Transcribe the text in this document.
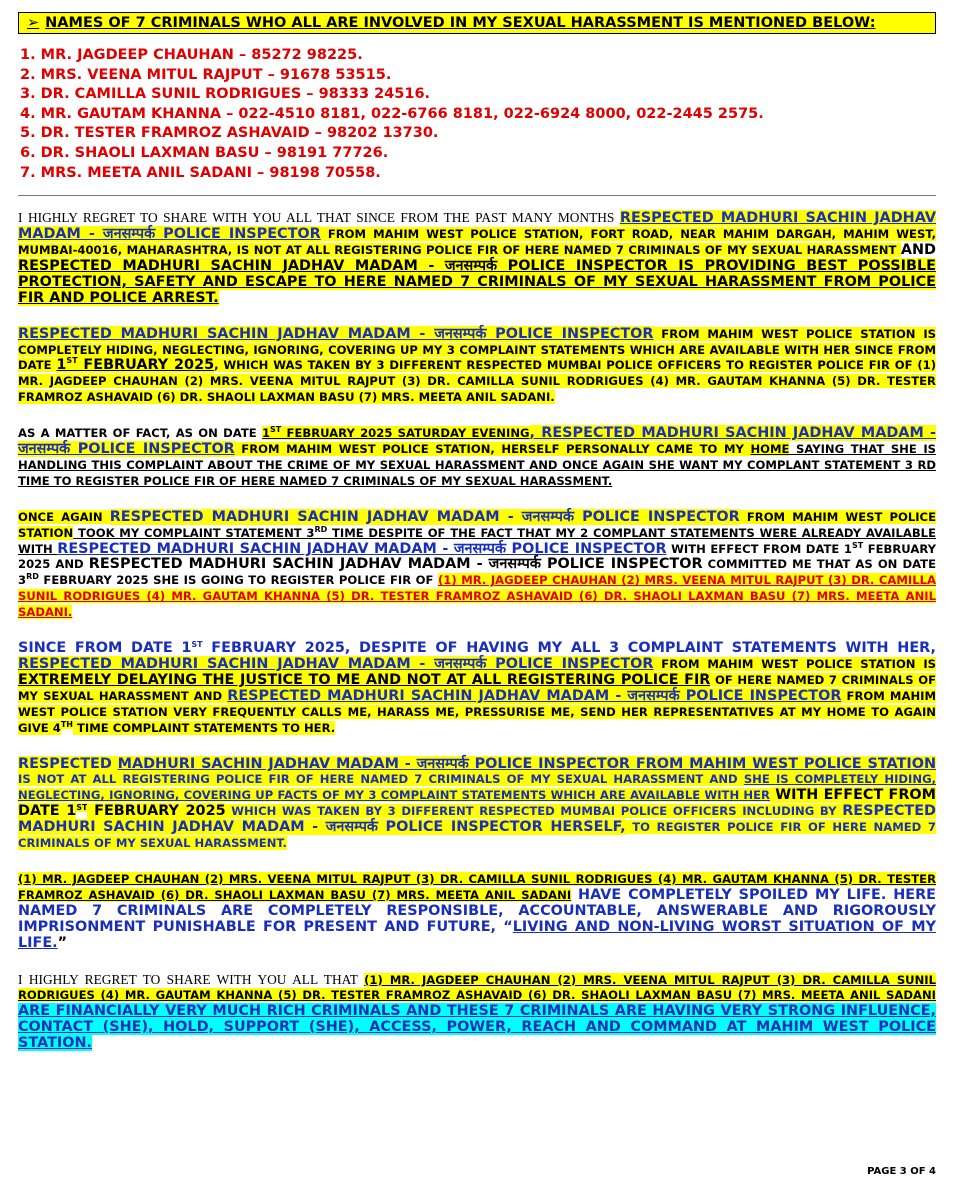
➢ NAMES OF 7 CRIMINALS WHO ALL ARE INVOLVED IN MY SEXUAL HARASSMENT IS MENTIONED BELOW:
1. MR. JAGDEEP CHAUHAN – 85272 98225.
2. MRS. VEENA MITUL RAJPUT – 91678 53515.
3. DR. CAMILLA SUNIL RODRIGUES – 98333 24516.
4. MR. GAUTAM KHANNA – 022-4510 8181, 022-6766 8181, 022-6924 8000, 022-2445 2575.
5. DR. TESTER FRAMROZ ASHAVAID – 98202 13730.
6. DR. SHAOLI LAXMAN BASU – 98191 77726.
7. MRS. MEETA ANIL SADANI – 98198 70558.

I HIGHLY REGRET TO SHARE WITH YOU ALL THAT SINCE FROM THE PAST MANY MONTHS RESPECTED MADHURI SACHIN JADHAV MADAM - जनसम्पर्क POLICE INSPECTOR FROM MAHIM WEST POLICE STATION, FORT ROAD, NEAR MAHIM DARGAH, MAHIM WEST, MUMBAI-40016, MAHARASHTRA, IS NOT AT ALL REGISTERING POLICE FIR OF HERE NAMED 7 CRIMINALS OF MY SEXUAL HARASSMENT AND RESPECTED MADHURI SACHIN JADHAV MADAM - जनसम्पर्क POLICE INSPECTOR IS PROVIDING BEST POSSIBLE PROTECTION, SAFETY AND ESCAPE TO HERE NAMED 7 CRIMINALS OF MY SEXUAL HARASSMENT FROM POLICE FIR AND POLICE ARREST.

RESPECTED MADHURI SACHIN JADHAV MADAM - जनसम्पर्क POLICE INSPECTOR FROM MAHIM WEST POLICE STATION IS COMPLETELY HIDING, NEGLECTING, IGNORING, COVERING UP MY 3 COMPLAINT STATEMENTS WHICH ARE AVAILABLE WITH HER SINCE FROM DATE 1ST FEBRUARY 2025, WHICH WAS TAKEN BY 3 DIFFERENT RESPECTED MUMBAI POLICE OFFICERS TO REGISTER POLICE FIR OF (1) MR. JAGDEEP CHAUHAN (2) MRS. VEENA MITUL RAJPUT (3) DR. CAMILLA SUNIL RODRIGUES (4) MR. GAUTAM KHANNA (5) DR. TESTER FRAMROZ ASHAVAID (6) DR. SHAOLI LAXMAN BASU (7) MRS. MEETA ANIL SADANI.

AS A MATTER OF FACT, AS ON DATE 1ST FEBRUARY 2025 SATURDAY EVENING, RESPECTED MADHURI SACHIN JADHAV MADAM - जनसम्पर्क POLICE INSPECTOR FROM MAHIM WEST POLICE STATION, HERSELF PERSONALLY CAME TO MY HOME SAYING THAT SHE IS HANDLING THIS COMPLAINT ABOUT THE CRIME OF MY SEXUAL HARASSMENT AND ONCE AGAIN SHE WANT MY COMPLANT STATEMENT 3 RD TIME TO REGISTER POLICE FIR OF HERE NAMED 7 CRIMINALS OF MY SEXUAL HARASSMENT.

ONCE AGAIN RESPECTED MADHURI SACHIN JADHAV MADAM - जनसम्पर्क POLICE INSPECTOR FROM MAHIM WEST POLICE STATION TOOK MY COMPLAINT STATEMENT 3RD TIME DESPITE OF THE FACT THAT MY 2 COMPLANT STATEMENTS WERE ALREADY AVAILABLE WITH RESPECTED MADHURI SACHIN JADHAV MADAM - जनसम्पर्क POLICE INSPECTOR WITH EFFECT FROM DATE 1ST FEBRUARY 2025 AND RESPECTED MADHURI SACHIN JADHAV MADAM - जनसम्पर्क POLICE INSPECTOR COMMITTED ME THAT AS ON DATE 3RD FEBRUARY 2025 SHE IS GOING TO REGISTER POLICE FIR OF (1) MR. JAGDEEP CHAUHAN (2) MRS. VEENA MITUL RAJPUT (3) DR. CAMILLA SUNIL RODRIGUES (4) MR. GAUTAM KHANNA (5) DR. TESTER FRAMROZ ASHAVAID (6) DR. SHAOLI LAXMAN BASU (7) MRS. MEETA ANIL SADANI.

SINCE FROM DATE 1ST FEBRUARY 2025, DESPITE OF HAVING MY ALL 3 COMPLAINT STATEMENTS WITH HER, RESPECTED MADHURI SACHIN JADHAV MADAM - जनसम्पर्क POLICE INSPECTOR FROM MAHIM WEST POLICE STATION IS EXTREMELY DELAYING THE JUSTICE TO ME AND NOT AT ALL REGISTERING POLICE FIR OF HERE NAMED 7 CRIMINALS OF MY SEXUAL HARASSMENT AND RESPECTED MADHURI SACHIN JADHAV MADAM - जनसम्पर्क POLICE INSPECTOR FROM MAHIM WEST POLICE STATION VERY FREQUENTLY CALLS ME, HARASS ME, PRESSURISE ME, SEND HER REPRESENTATIVES AT MY HOME TO AGAIN GIVE 4TH TIME COMPLAINT STATEMENTS TO HER.

RESPECTED MADHURI SACHIN JADHAV MADAM - जनसम्पर्क POLICE INSPECTOR FROM MAHIM WEST POLICE STATION IS NOT AT ALL REGISTERING POLICE FIR OF HERE NAMED 7 CRIMINALS OF MY SEXUAL HARASSMENT AND SHE IS COMPLETELY HIDING, NEGLECTING, IGNORING, COVERING UP FACTS OF MY 3 COMPLAINT STATEMENTS WHICH ARE AVAILABLE WITH HER WITH EFFECT FROM DATE 1ST FEBRUARY 2025 WHICH WAS TAKEN BY 3 DIFFERENT RESPECTED MUMBAI POLICE OFFICERS INCLUDING BY RESPECTED MADHURI SACHIN JADHAV MADAM - जनसम्पर्क POLICE INSPECTOR HERSELF, TO REGISTER POLICE FIR OF HERE NAMED 7 CRIMINALS OF MY SEXUAL HARASSMENT.

(1) MR. JAGDEEP CHAUHAN (2) MRS. VEENA MITUL RAJPUT (3) DR. CAMILLA SUNIL RODRIGUES (4) MR. GAUTAM KHANNA (5) DR. TESTER FRAMROZ ASHAVAID (6) DR. SHAOLI LAXMAN BASU (7) MRS. MEETA ANIL SADANI HAVE COMPLETELY SPOILED MY LIFE. HERE NAMED 7 CRIMINALS ARE COMPLETELY RESPONSIBLE, ACCOUNTABLE, ANSWERABLE AND RIGOROUSLY IMPRISONMENT PUNISHABLE FOR PRESENT AND FUTURE, “LIVING AND NON-LIVING WORST SITUATION OF MY LIFE.”

I HIGHLY REGRET TO SHARE WITH YOU ALL THAT (1) MR. JAGDEEP CHAUHAN (2) MRS. VEENA MITUL RAJPUT (3) DR. CAMILLA SUNIL RODRIGUES (4) MR. GAUTAM KHANNA (5) DR. TESTER FRAMROZ ASHAVAID (6) DR. SHAOLI LAXMAN BASU (7) MRS. MEETA ANIL SADANI ARE FINANCIALLY VERY MUCH RICH CRIMINALS AND THESE 7 CRIMINALS ARE HAVING VERY STRONG INFLUENCE, CONTACT (SHE), HOLD, SUPPORT (SHE), ACCESS, POWER, REACH AND COMMAND AT MAHIM WEST POLICE STATION.

PAGE 3 OF 4
